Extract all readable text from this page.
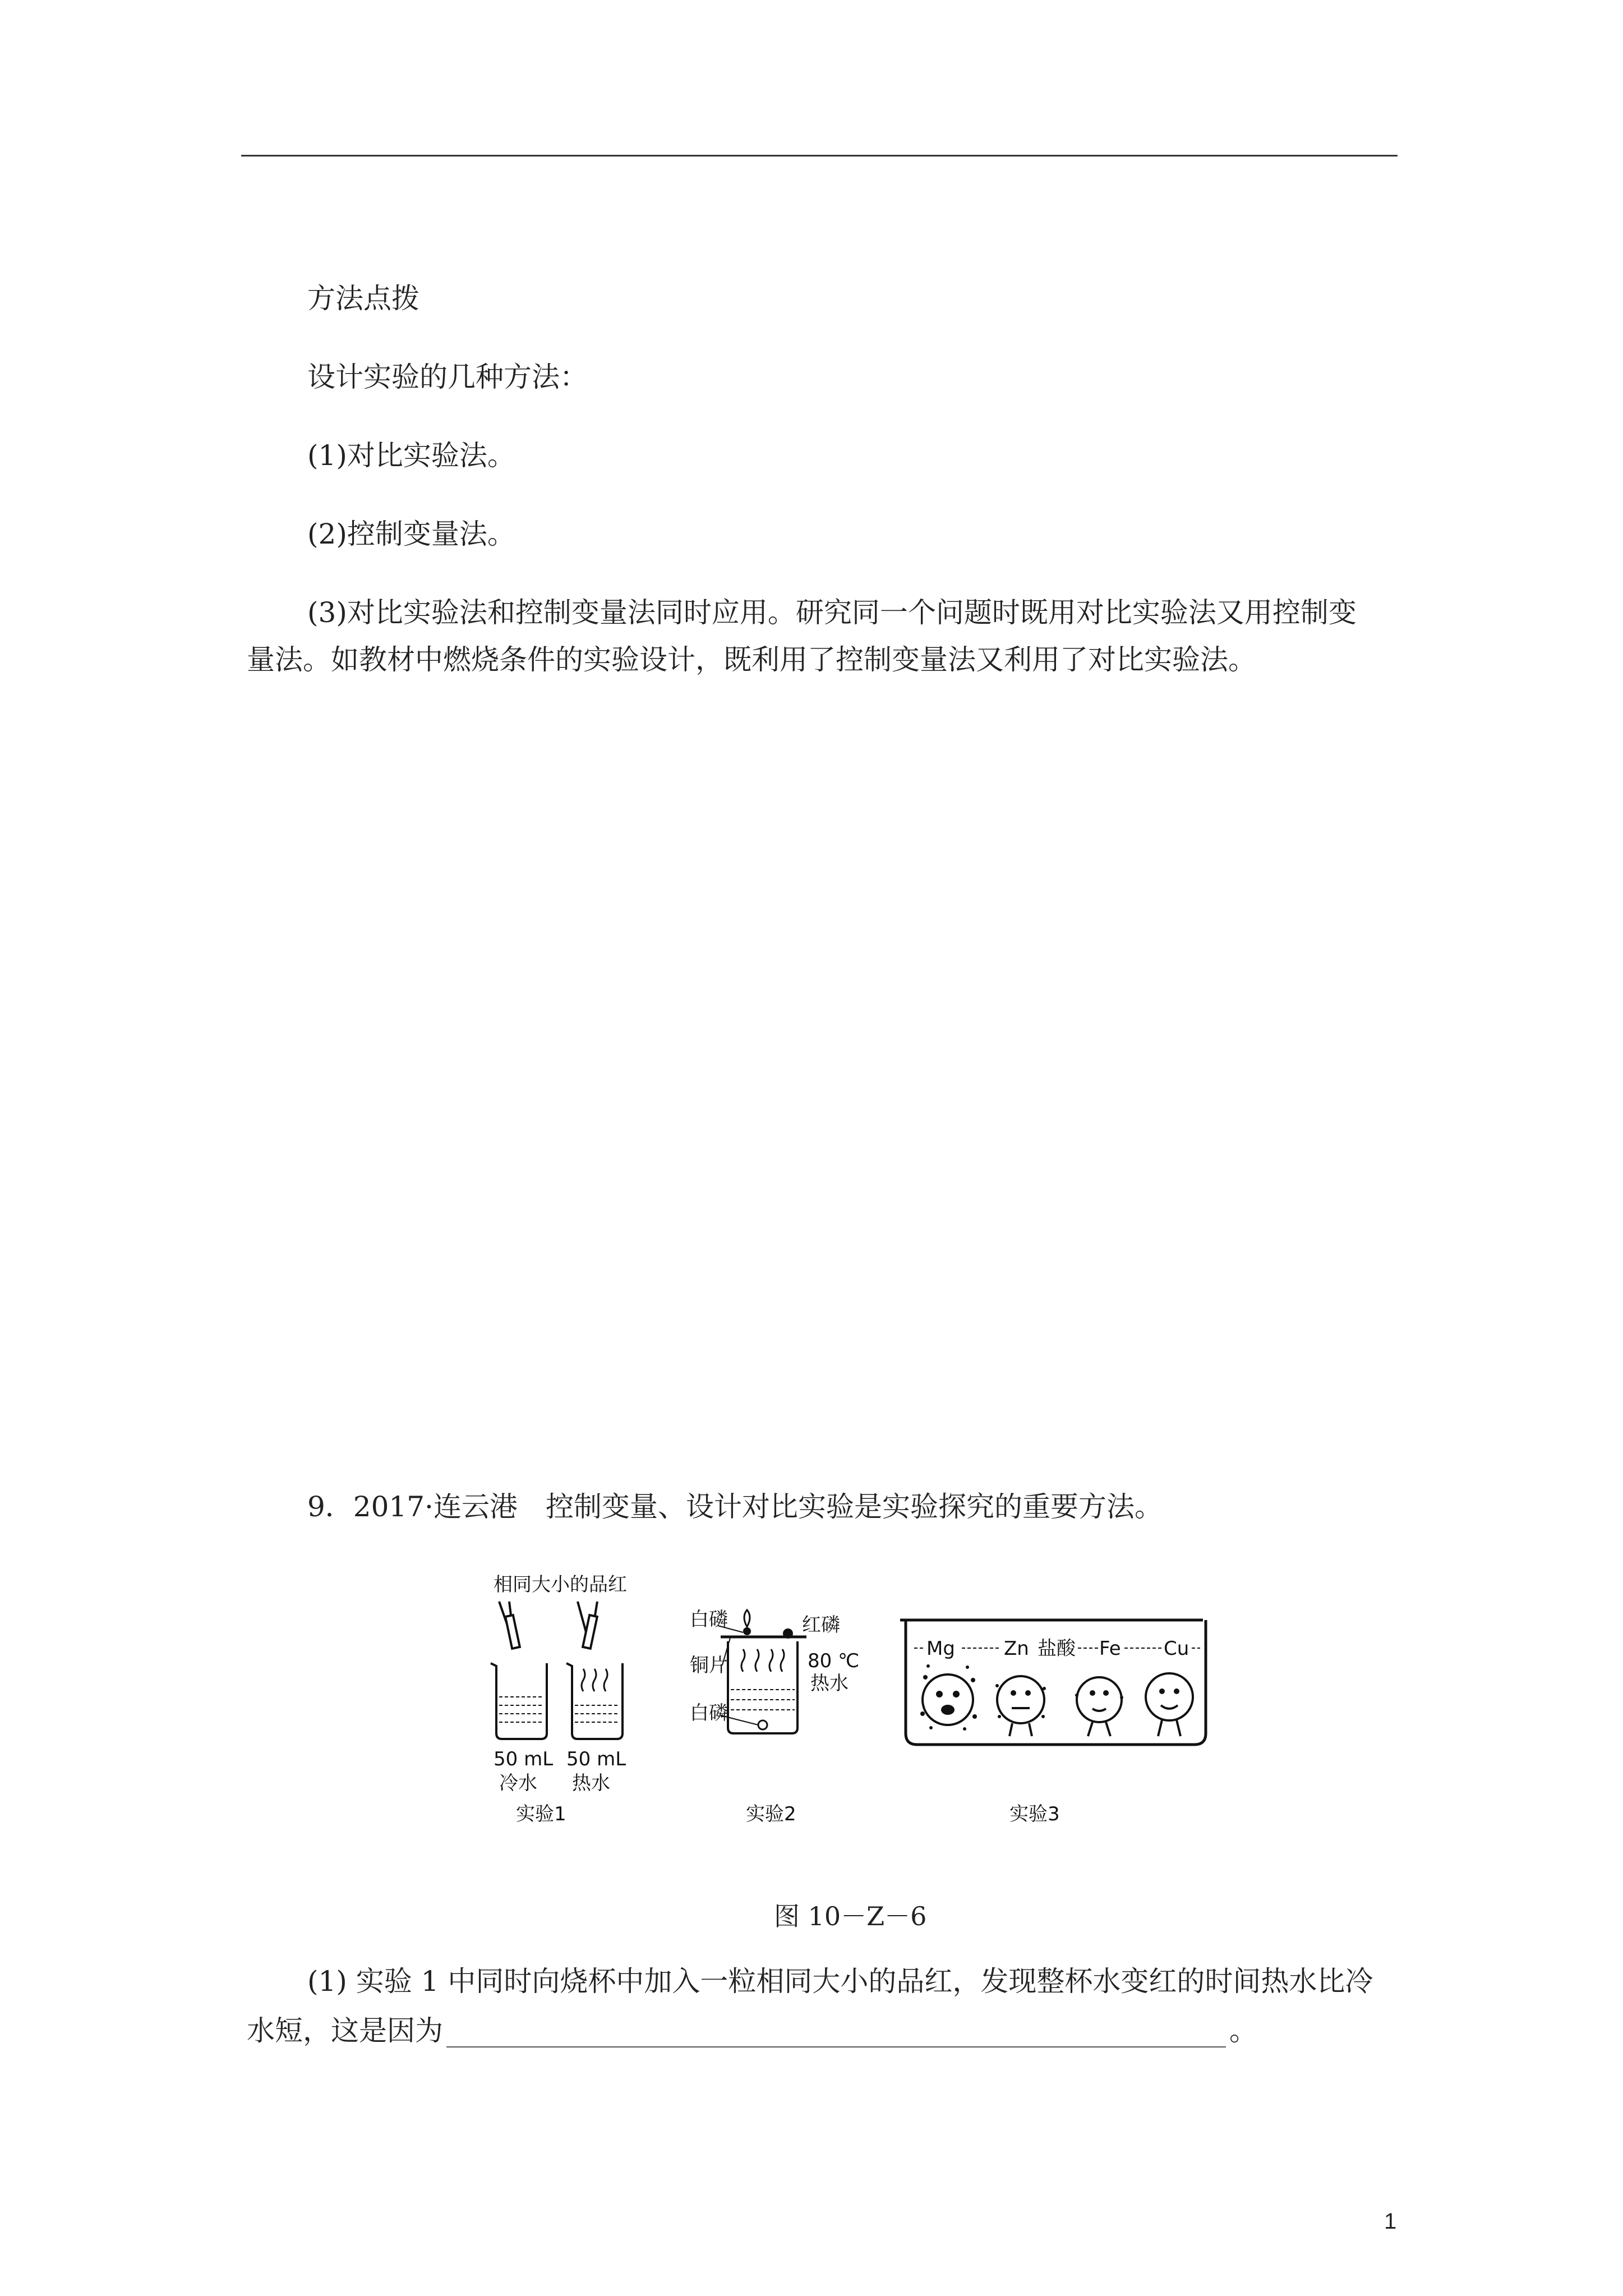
方法点拨
设计实验的几种方法：
(1)对比实验法。
(2)控制变量法。
(3)对比实验法和控制变量法同时应用。研究同一个问题时既用对比实验法又用控制变
量法。如教材中燃烧条件的实验设计，既利用了控制变量法又利用了对比实验法。
9．2017·连云港　控制变量、设计对比实验是实验探究的重要方法。
相同大小的品红
50 mL 50 mL
冷水 热水
实验1
白磷	红磷
铜片	80 ℃
热水
白磷
实验2
Mg	Zn 盐酸 Fe Cu
实验3
图 10－Z－6
(1) 实验 1 中同时向烧杯中加入一粒相同大小的品红，发现整杯水变红的时间热水比冷
水短，这是因为	。
1
